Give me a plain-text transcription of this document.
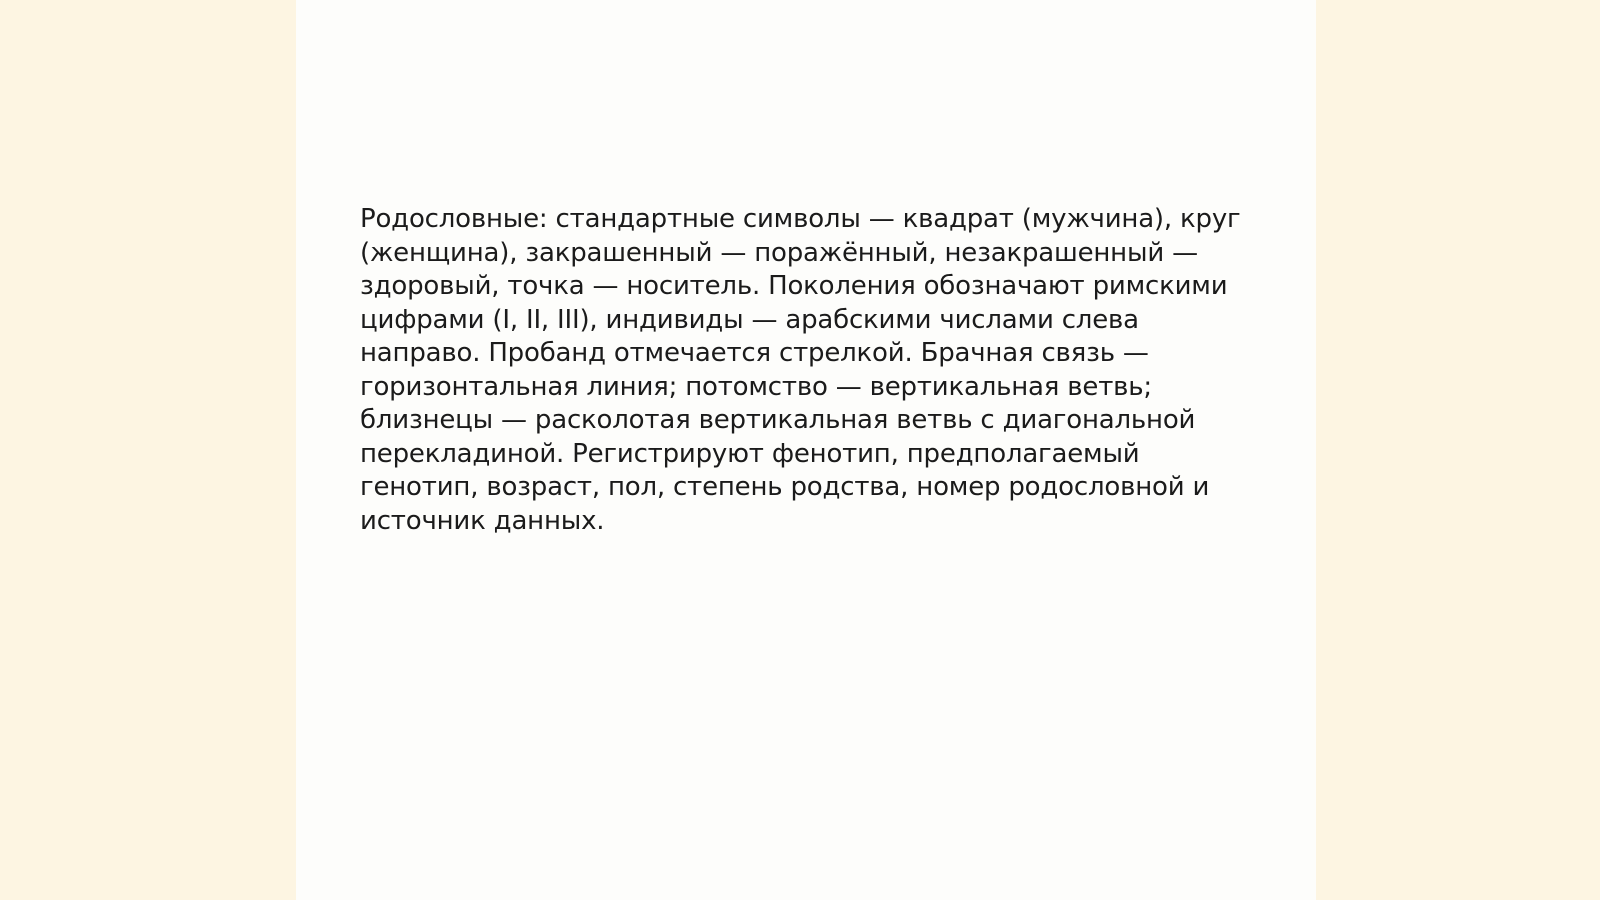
Родословные: стандартные символы — квадрат (мужчина), круг (женщина), закрашенный — поражённый, незакрашенный — здоровый, точка — носитель. Поколения обозначают римскими цифрами (I, II, III), индивиды — арабскими числами слева направо. Пробанд отмечается стрелкой. Брачная связь — горизонтальная линия; потомство — вертикальная ветвь; близнецы — расколотая вертикальная ветвь с диагональной перекладиной. Регистрируют фенотип, предполагаемый генотип, возраст, пол, степень родства, номер родословной и источник данных.
